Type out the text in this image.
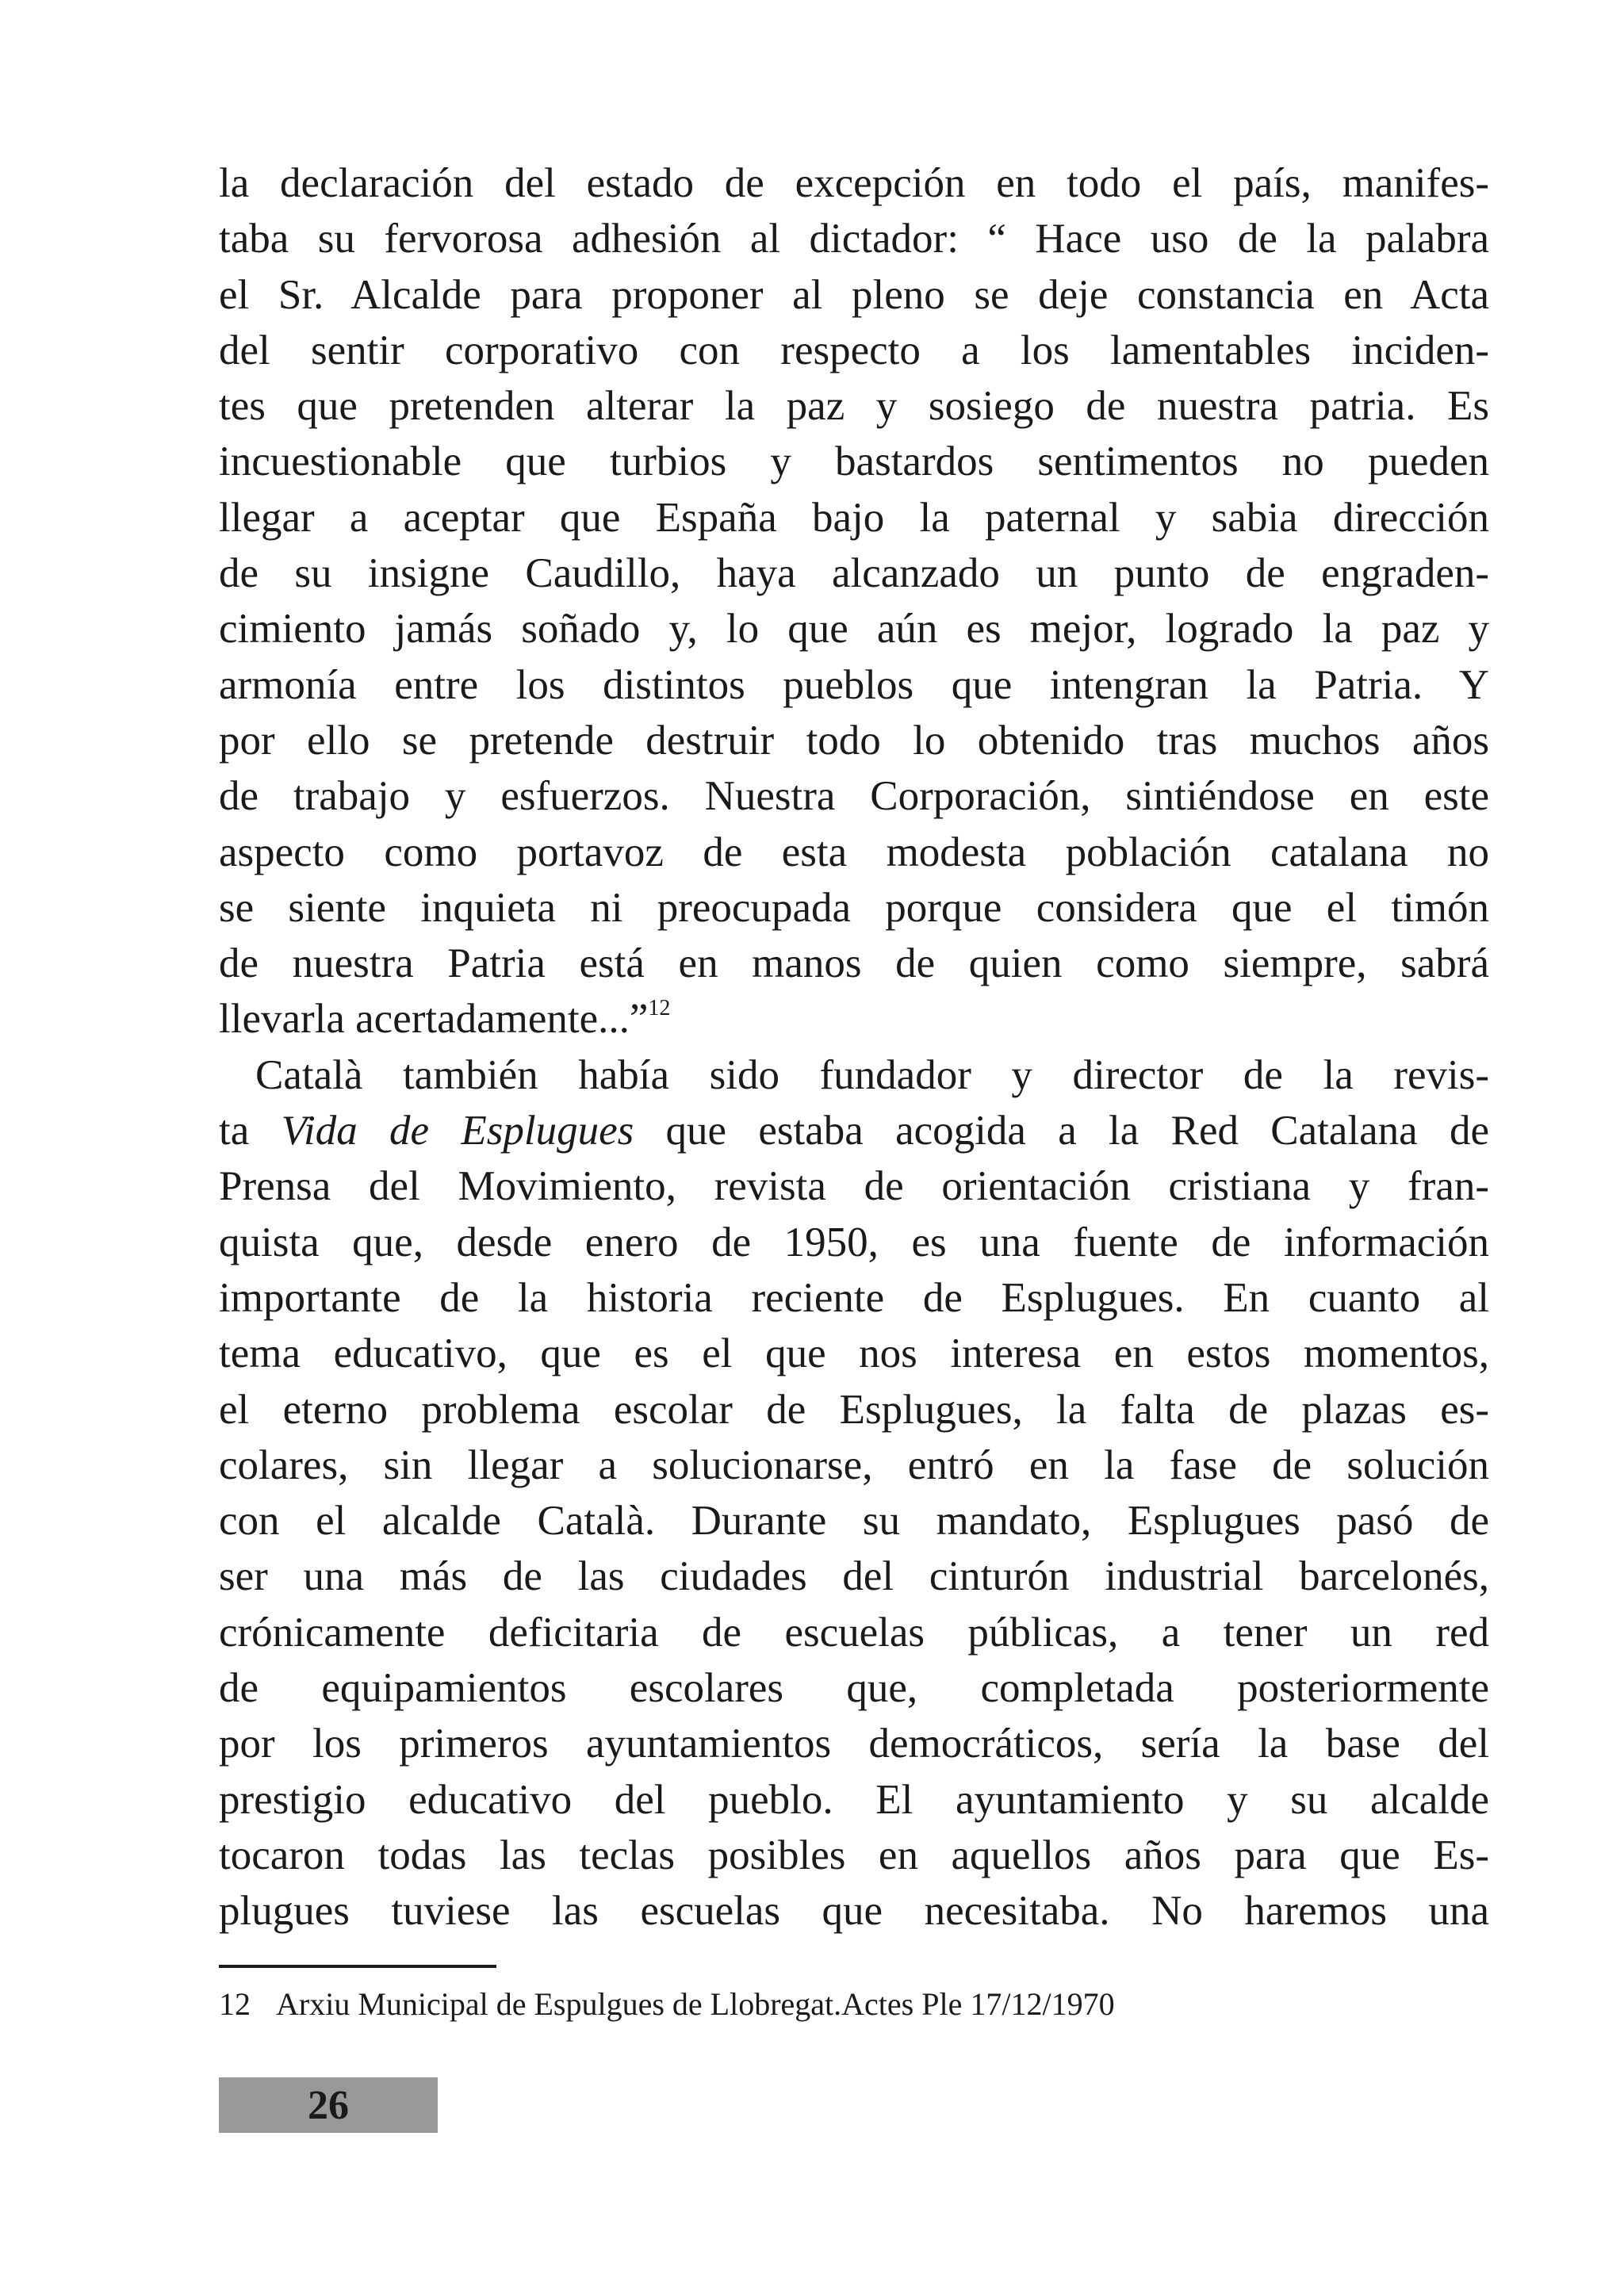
la declaración del estado de excepción en todo el país, manifes-
taba su fervorosa adhesión al dictador: “ Hace uso de la palabra
el Sr. Alcalde para proponer al pleno se deje constancia en Acta
del sentir corporativo con respecto a los lamentables inciden-
tes que pretenden alterar la paz y sosiego de nuestra patria. Es
incuestionable que turbios y bastardos sentimentos no pueden
llegar a aceptar que España bajo la paternal y sabia dirección
de su insigne Caudillo, haya alcanzado un punto de engraden-
cimiento jamás soñado y, lo que aún es mejor, logrado la paz y
armonía entre los distintos pueblos que intengran la Patria. Y
por ello se pretende destruir todo lo obtenido tras muchos años
de trabajo y esfuerzos. Nuestra Corporación, sintiéndose en este
aspecto como portavoz de esta modesta población catalana no
se siente inquieta ni preocupada porque considera que el timón
de nuestra Patria está en manos de quien como siempre, sabrá
llevarla acertadamente...”$^{12}$
Català también había sido fundador y director de la revis-
ta Vida de Esplugues que estaba acogida a la Red Catalana de
Prensa del Movimiento, revista de orientación cristiana y fran-
quista que, desde enero de 1950, es una fuente de información
importante de la historia reciente de Esplugues. En cuanto al
tema educativo, que es el que nos interesa en estos momentos,
el eterno problema escolar de Esplugues, la falta de plazas es-
colares, sin llegar a solucionarse, entró en la fase de solución
con el alcalde Català. Durante su mandato, Esplugues pasó de
ser una más de las ciudades del cinturón industrial barcelonés,
crónicamente deficitaria de escuelas públicas, a tener un red
de equipamientos escolares que, completada posteriormente
por los primeros ayuntamientos democráticos, sería la base del
prestigio educativo del pueblo. El ayuntamiento y su alcalde
tocaron todas las teclas posibles en aquellos años para que Es-
plugues tuviese las escuelas que necesitaba. No haremos una
12 Arxiu Municipal de Espulgues de Llobregat.Actes Ple 17/12/1970
26
